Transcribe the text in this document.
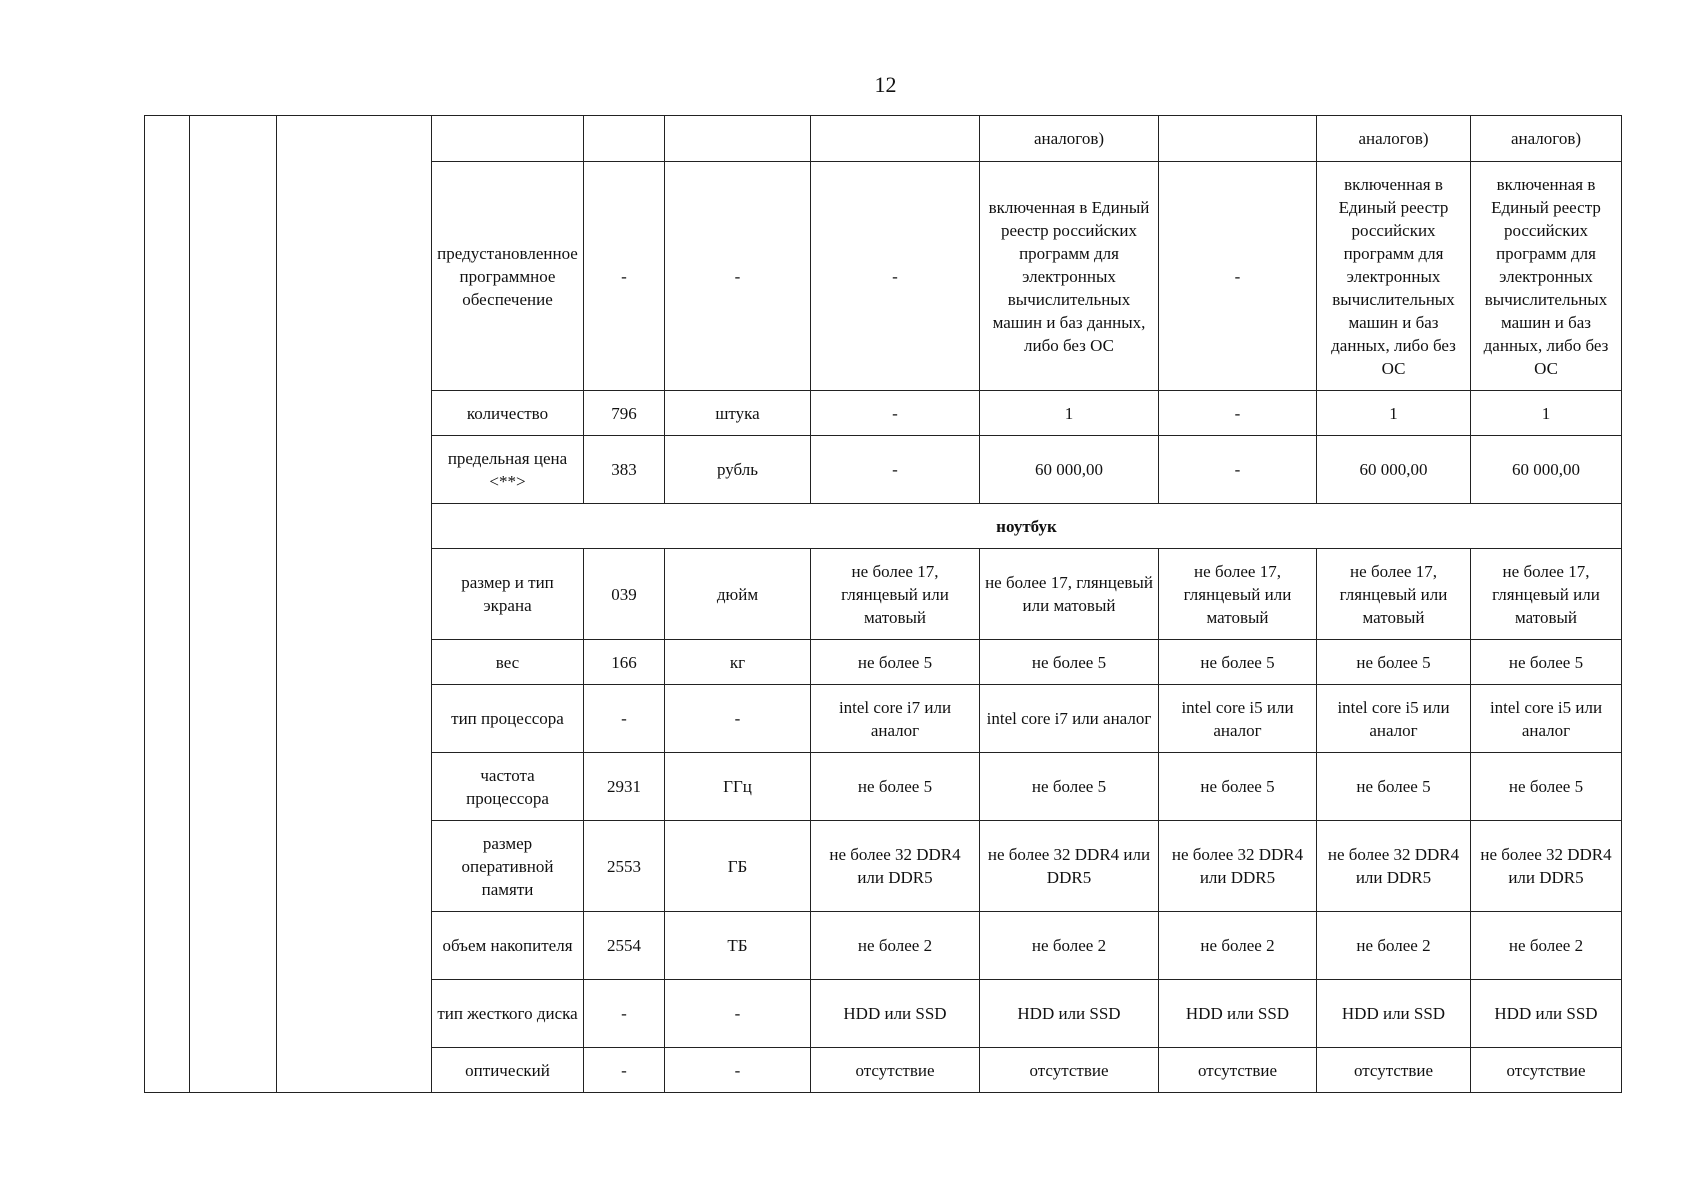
12
							аналогов)		аналогов)	аналогов)
			предустановленное программное обеспечение	-	-	-	включенная в Единый реестр российских программ для электронных вычислительных машин и баз данных, либо без ОС	-	включенная в Единый реестр российских программ для электронных вычислительных машин и баз данных, либо без ОС	включенная в Единый реестр российских программ для электронных вычислительных машин и баз данных, либо без ОС
			количество	796	штука	-	1	-	1	1
			предельная цена <**>	383	рубль	-	60 000,00	-	60 000,00	60 000,00
			ноутбук							
			размер и тип экрана	039	дюйм	не более 17, глянцевый или матовый	не более 17, глянцевый или матовый	не более 17, глянцевый или матовый	не более 17, глянцевый или матовый	не более 17, глянцевый или матовый
			вес	166	кг	не более 5	не более 5	не более 5	не более 5	не более 5
			тип процессора	-	-	intel core i7 или аналог	intel core i7 или аналог	intel core i5 или аналог	intel core i5 или аналог	intel core i5 или аналог
			частота процессора	2931	ГГц	не более 5	не более 5	не более 5	не более 5	не более 5
			размер оперативной памяти	2553	ГБ	не более 32 DDR4 или DDR5	не более 32 DDR4 или DDR5	не более 32 DDR4 или DDR5	не более 32 DDR4 или DDR5	не более 32 DDR4 или DDR5
			объем накопителя	2554	ТБ	не более 2	не более 2	не более 2	не более 2	не более 2
			тип жесткого диска	-	-	HDD или SSD	HDD или SSD	HDD или SSD	HDD или SSD	HDD или SSD
			оптический	-	-	отсутствие	отсутствие	отсутствие	отсутствие	отсутствие
